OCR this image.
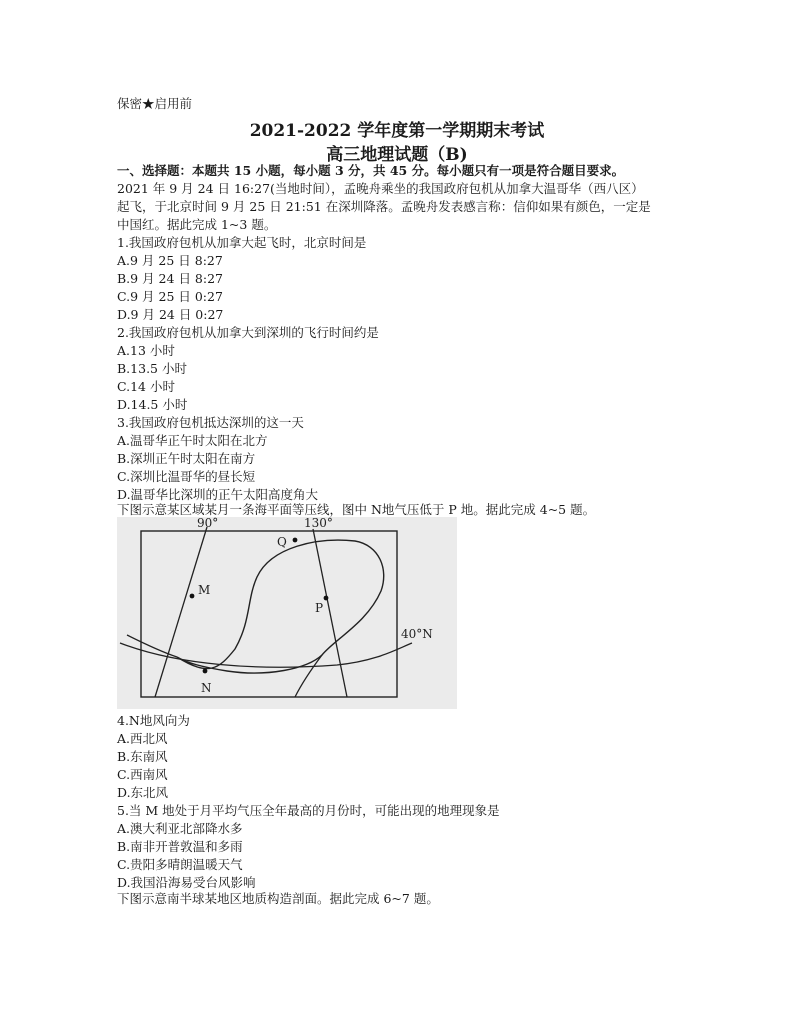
保密★启用前
2021-2022 学年度第一学期期末考试
高三地理试题（B)
一、选择题：本题共 15 小题，每小题 3 分，共 45 分。每小题只有一项是符合题目要求。
2021 年 9 月 24 日 16:27(当地时间），孟晚舟乘坐的我国政府包机从加拿大温哥华（西八区）
起飞，于北京时间 9 月 25 日 21:51 在深圳降落。孟晚舟发表感言称：信仰如果有颜色，一定是
中国红。据此完成 1~3 题。
1.我国政府包机从加拿大起飞时，北京时间是
A.9 月 25 日 8:27
B.9 月 24 日 8:27
C.9 月 25 日 0:27
D.9 月 24 日 0:27
2.我国政府包机从加拿大到深圳的飞行时间约是
A.13 小时
B.13.5 小时
C.14 小时
D.14.5 小时
3.我国政府包机抵达深圳的这一天
A.温哥华正午时太阳在北方
B.深圳正午时太阳在南方
C.深圳比温哥华的昼长短
D.温哥华比深圳的正午太阳高度角大
下图示意某区域某月一条海平面等压线，图中 N地气压低于 P 地。据此完成 4~5 题。
90°	130°
40°N
M
Q
P
N
4.N地风向为
A.西北风
B.东南风
C.西南风
D.东北风
5.当 M 地处于月平均气压全年最高的月份时，可能出现的地理现象是
A.澳大利亚北部降水多
B.南非开普敦温和多雨
C.贵阳多晴朗温暖天气
D.我国沿海易受台风影响
下图示意南半球某地区地质构造剖面。据此完成 6~7 题。
